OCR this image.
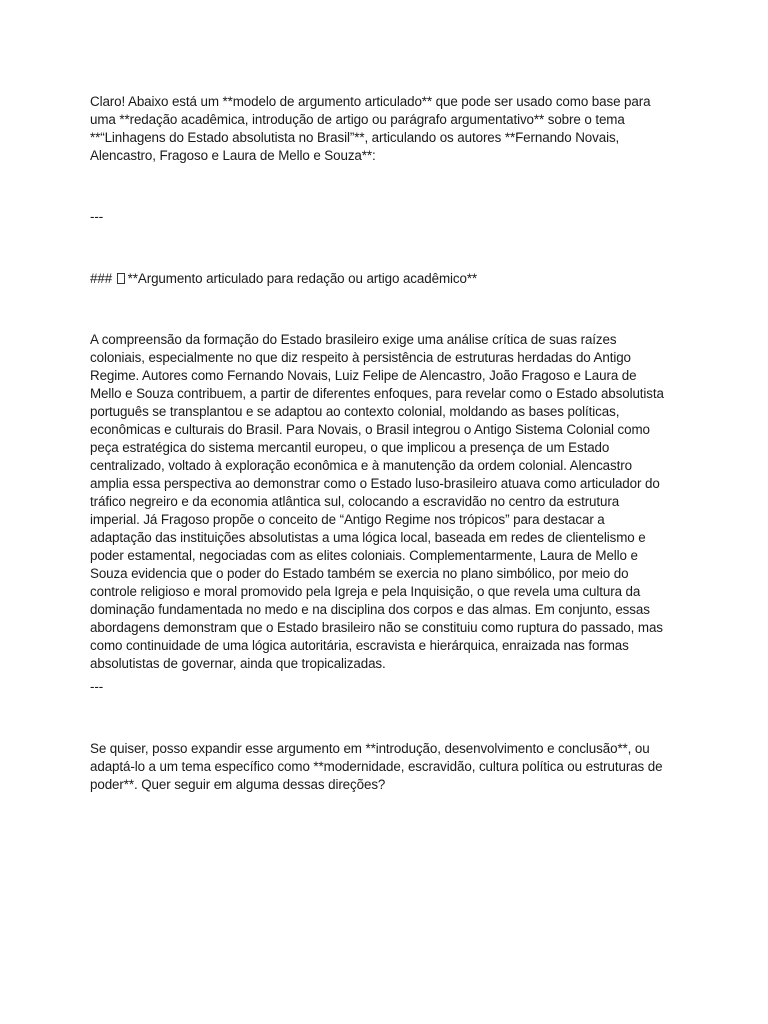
Claro! Abaixo está um **modelo de argumento articulado** que pode ser usado como base para uma **redação acadêmica, introdução de artigo ou parágrafo argumentativo** sobre o tema **“Linhagens do Estado absolutista no Brasil”**, articulando os autores **Fernando Novais, Alencastro, Fragoso e Laura de Mello e Souza**:

---

### **Argumento articulado para redação ou artigo acadêmico**

A compreensão da formação do Estado brasileiro exige uma análise crítica de suas raízes coloniais, especialmente no que diz respeito à persistência de estruturas herdadas do Antigo Regime. Autores como Fernando Novais, Luiz Felipe de Alencastro, João Fragoso e Laura de Mello e Souza contribuem, a partir de diferentes enfoques, para revelar como o Estado absolutista português se transplantou e se adaptou ao contexto colonial, moldando as bases políticas, econômicas e culturais do Brasil. Para Novais, o Brasil integrou o Antigo Sistema Colonial como peça estratégica do sistema mercantil europeu, o que implicou a presença de um Estado centralizado, voltado à exploração econômica e à manutenção da ordem colonial. Alencastro amplia essa perspectiva ao demonstrar como o Estado luso-brasileiro atuava como articulador do tráfico negreiro e da economia atlântica sul, colocando a escravidão no centro da estrutura imperial. Já Fragoso propõe o conceito de “Antigo Regime nos trópicos” para destacar a adaptação das instituições absolutistas a uma lógica local, baseada em redes de clientelismo e poder estamental, negociadas com as elites coloniais. Complementarmente, Laura de Mello e Souza evidencia que o poder do Estado também se exercia no plano simbólico, por meio do controle religioso e moral promovido pela Igreja e pela Inquisição, o que revela uma cultura da dominação fundamentada no medo e na disciplina dos corpos e das almas. Em conjunto, essas abordagens demonstram que o Estado brasileiro não se constituiu como ruptura do passado, mas como continuidade de uma lógica autoritária, escravista e hierárquica, enraizada nas formas absolutistas de governar, ainda que tropicalizadas.

---

Se quiser, posso expandir esse argumento em **introdução, desenvolvimento e conclusão**, ou adaptá-lo a um tema específico como **modernidade, escravidão, cultura política ou estruturas de poder**. Quer seguir em alguma dessas direções?
